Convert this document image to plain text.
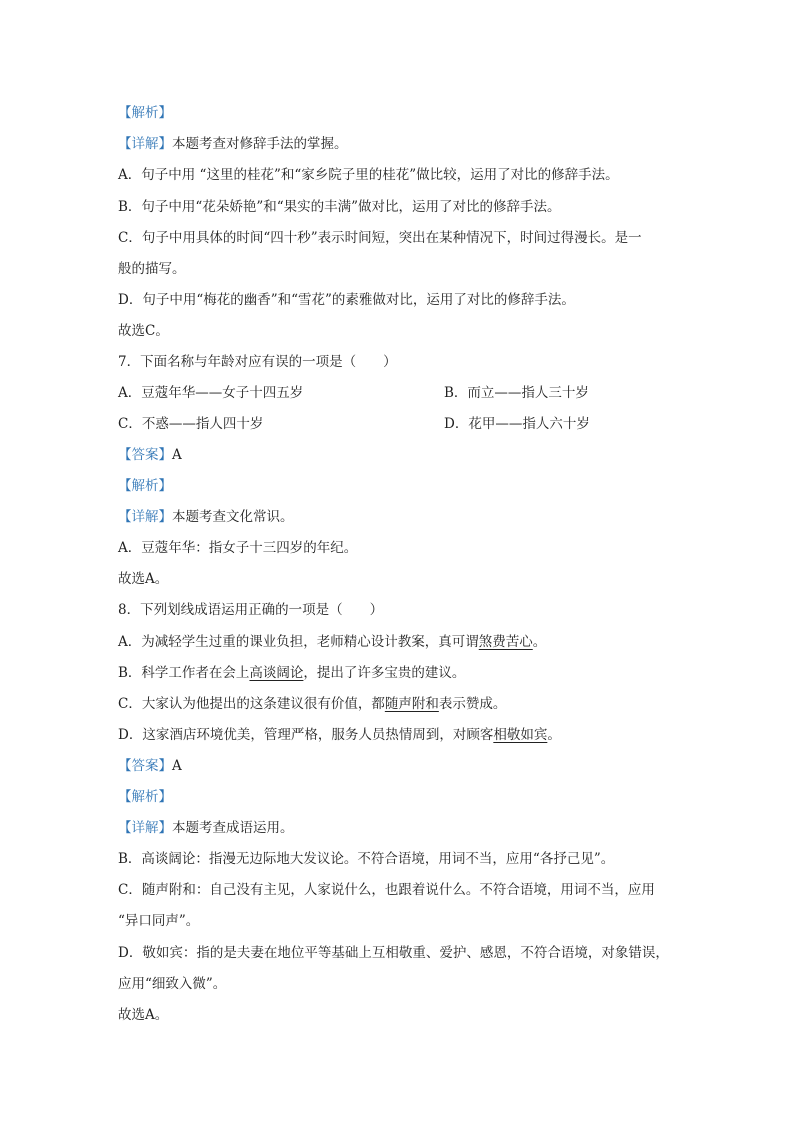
【解析】
【详解】本题考查对修辞手法的掌握。
A．句子中用 “这里的桂花”和“家乡院子里的桂花”做比较，运用了对比的修辞手法。
B．句子中用“花朵娇艳”和“果实的丰满”做对比，运用了对比的修辞手法。
C．句子中用具体的时间“四十秒”表示时间短，突出在某种情况下，时间过得漫长。是一
般的描写。
D．句子中用“梅花的幽香”和“雪花”的素雅做对比，运用了对比的修辞手法。
故选C。
7．下面名称与年龄对应有误的一项是（　　）
A．豆蔻年华——女子十四五岁	B．而立——指人三十岁
C．不惑——指人四十岁	D．花甲——指人六十岁
【答案】A
【解析】
【详解】本题考查文化常识。
A．豆蔻年华：指女子十三四岁的年纪。
故选A。
8．下列划线成语运用正确的一项是（　　）
A．为减轻学生过重的课业负担，老师精心设计教案，真可谓煞费苦心。
B．科学工作者在会上高谈阔论，提出了许多宝贵的建议。
C．大家认为他提出的这条建议很有价值，都随声附和表示赞成。
D．这家酒店环境优美，管理严格，服务人员热情周到，对顾客相敬如宾。
【答案】A
【解析】
【详解】本题考查成语运用。
B．高谈阔论：指漫无边际地大发议论。不符合语境，用词不当，应用“各抒己见”。
C．随声附和：自己没有主见，人家说什么，也跟着说什么。不符合语境，用词不当，应用
“异口同声”。
D．敬如宾：指的是夫妻在地位平等基础上互相敬重、爱护、感恩，不符合语境，对象错误，
应用“细致入微”。
故选A。
